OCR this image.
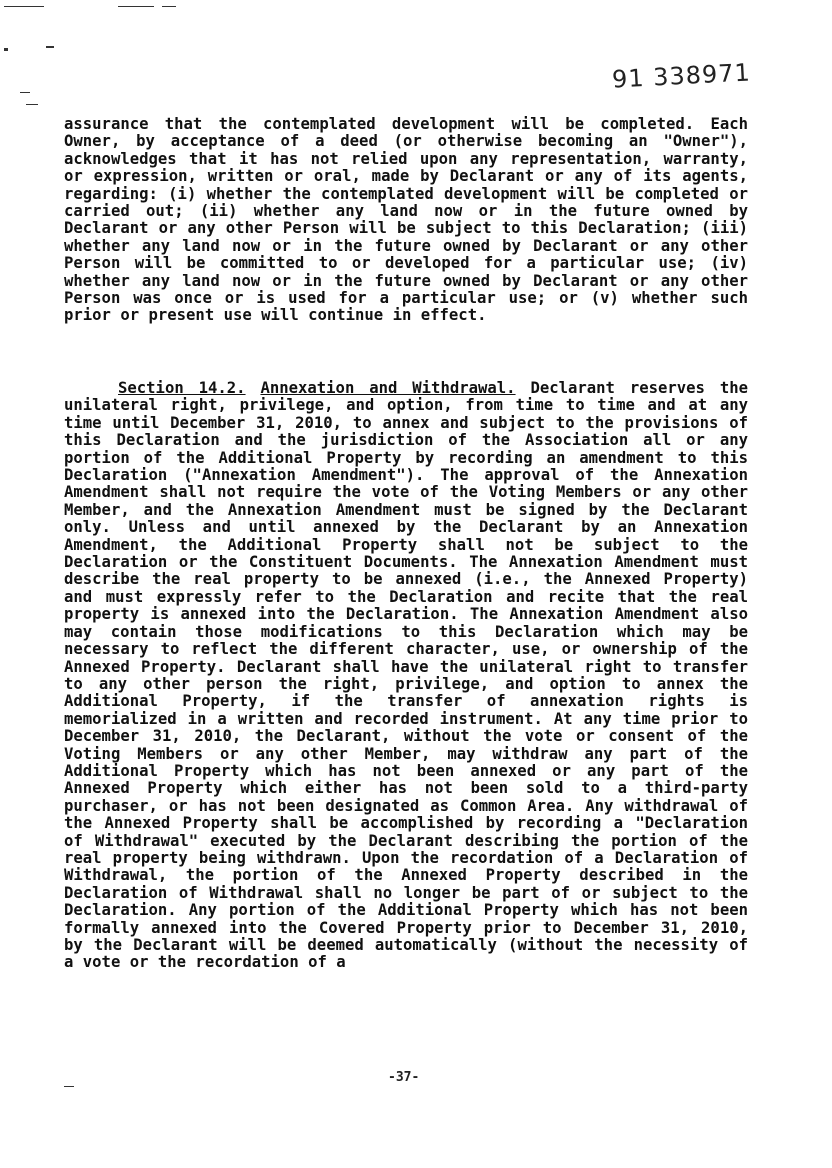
91 338971
assurance that the contemplated development will be completed. Each Owner, by acceptance of a deed (or otherwise becoming an "Owner"), acknowledges that it has not relied upon any representation, warranty, or expression, written or oral, made by Declarant or any of its agents, regarding: (i) whether the contemplated development will be completed or carried out; (ii) whether any land now or in the future owned by Declarant or any other Person will be subject to this Declaration; (iii) whether any land now or in the future owned by Declarant or any other Person will be committed to or developed for a particular use; (iv) whether any land now or in the future owned by Declarant or any other Person was once or is used for a particular use; or (v) whether such prior or present use will continue in effect.
Section 14.2. Annexation and Withdrawal. Declarant reserves the unilateral right, privilege, and option, from time to time and at any time until December 31, 2010, to annex and subject to the provisions of this Declaration and the jurisdiction of the Association all or any portion of the Additional Property by recording an amendment to this Declaration ("Annexation Amendment"). The approval of the Annexation Amendment shall not require the vote of the Voting Members or any other Member, and the Annexation Amendment must be signed by the Declarant only. Unless and until annexed by the Declarant by an Annexation Amendment, the Additional Property shall not be subject to the Declaration or the Constituent Documents. The Annexation Amendment must describe the real property to be annexed (i.e., the Annexed Property) and must expressly refer to the Declaration and recite that the real property is annexed into the Declaration. The Annexation Amendment also may contain those modifications to this Declaration which may be necessary to reflect the different character, use, or ownership of the Annexed Property. Declarant shall have the unilateral right to transfer to any other person the right, privilege, and option to annex the Additional Property, if the transfer of annexation rights is memorialized in a written and recorded instrument. At any time prior to December 31, 2010, the Declarant, without the vote or consent of the Voting Members or any other Member, may withdraw any part of the Additional Property which has not been annexed or any part of the Annexed Property which either has not been sold to a third-party purchaser, or has not been designated as Common Area. Any withdrawal of the Annexed Property shall be accomplished by recording a "Declaration of Withdrawal" executed by the Declarant describing the portion of the real property being withdrawn. Upon the recordation of a Declaration of Withdrawal, the portion of the Annexed Property described in the Declaration of Withdrawal shall no longer be part of or subject to the Declaration. Any portion of the Additional Property which has not been formally annexed into the Covered Property prior to December 31, 2010, by the Declarant will be deemed automatically (without the necessity of a vote or the recordation of a
-37-
